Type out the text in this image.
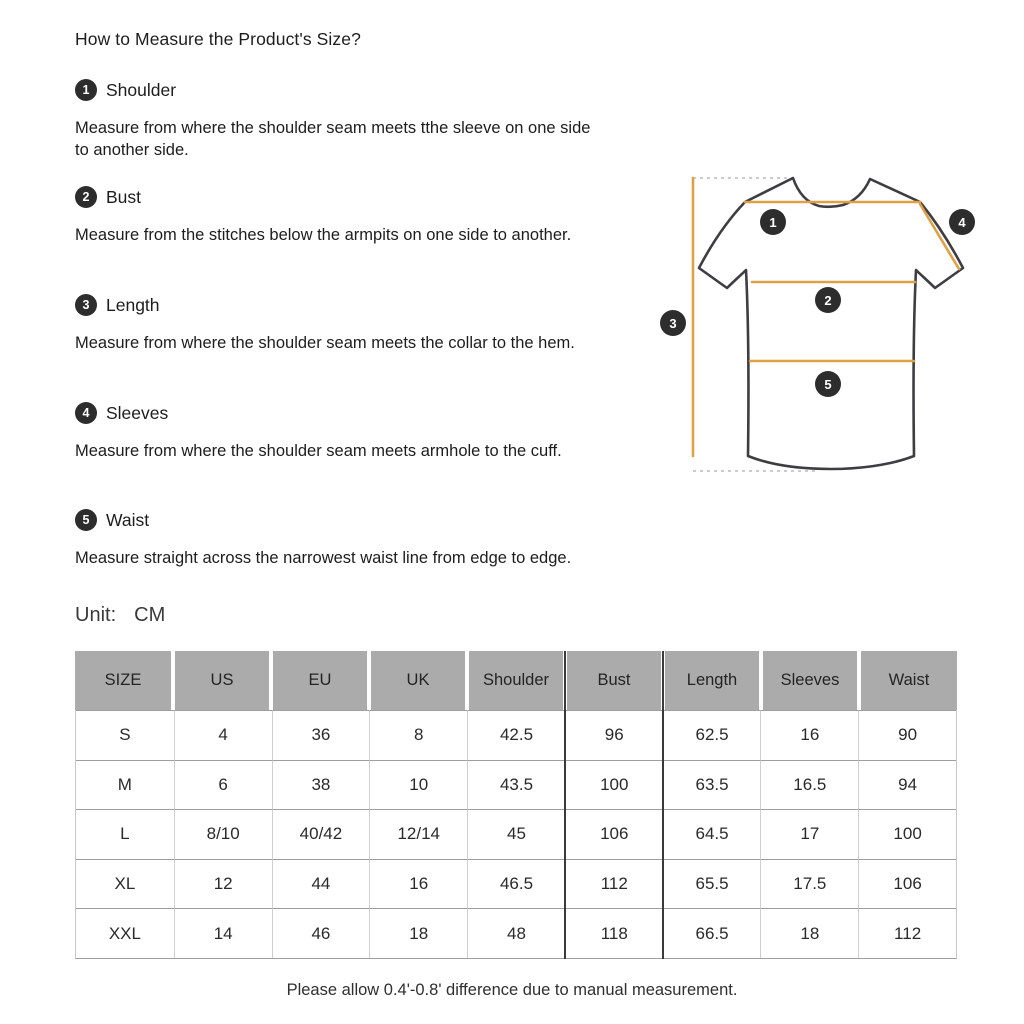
How to Measure the Product's Size?
1 Shoulder
Measure from where the shoulder seam meets tthe sleeve on one side to another side.
2 Bust
Measure from the stitches below the armpits on one side to another.
3 Length
Measure from where the shoulder seam meets the collar to the hem.
4 Sleeves
Measure from where the shoulder seam meets armhole to the cuff.
5 Waist
Measure straight across the narrowest waist line from edge to edge.
Unit: CM
1
2
3
4
5
SIZE	US	EU	UK	Shoulder	Bust	Length	Sleeves	Waist
S	4	36	8	42.5	96	62.5	16	90
M	6	38	10	43.5	100	63.5	16.5	94
L	8/10	40/42	12/14	45	106	64.5	17	100
XL	12	44	16	46.5	112	65.5	17.5	106
XXL	14	46	18	48	118	66.5	18	112
Please allow 0.4'-0.8' difference due to manual measurement.
